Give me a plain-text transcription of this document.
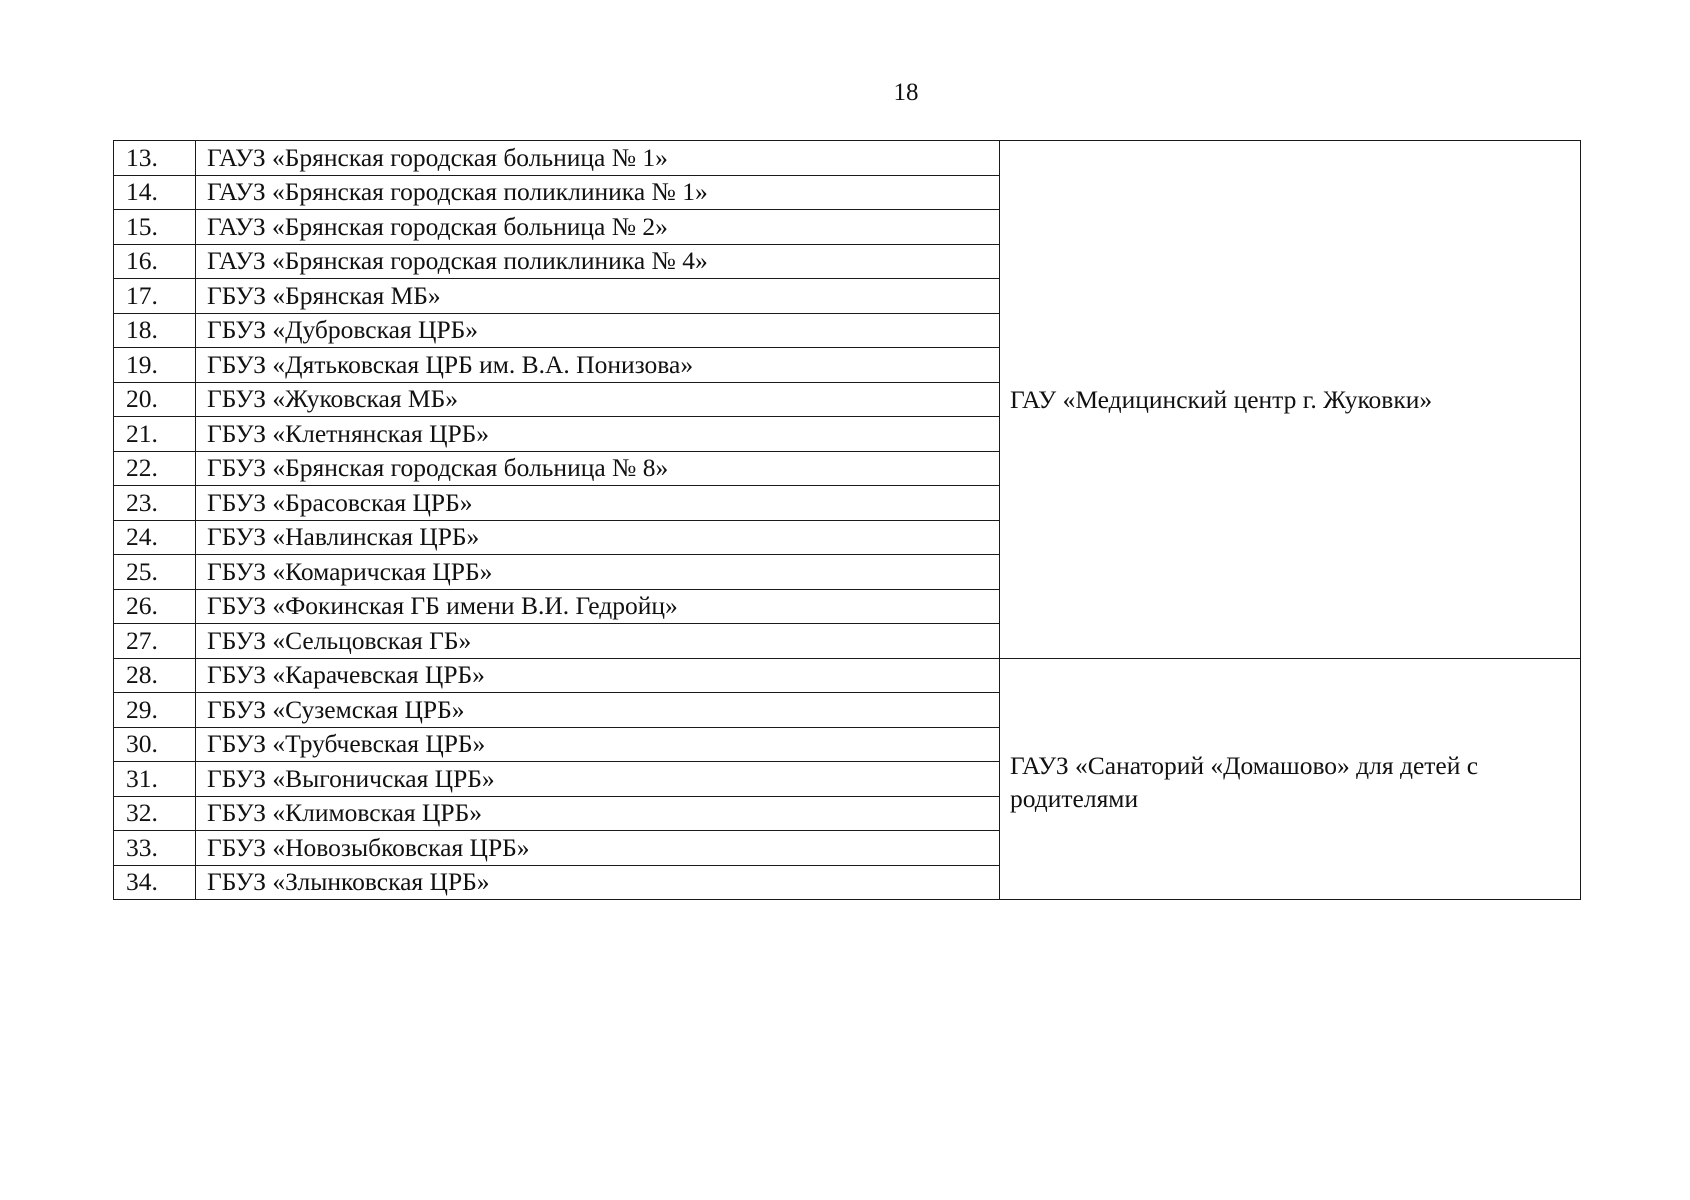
18
13.	ГАУЗ «Брянская городская больница № 1»	ГАУ «Медицинский центр г. Жуковки»
14.	ГАУЗ «Брянская городская поликлиника № 1»	
15.	ГАУЗ «Брянская городская больница № 2»	
16.	ГАУЗ «Брянская городская поликлиника № 4»	
17.	ГБУЗ «Брянская МБ»	
18.	ГБУЗ «Дубровская ЦРБ»	
19.	ГБУЗ «Дятьковская ЦРБ им. В.А. Понизова»	
20.	ГБУЗ «Жуковская МБ»	
21.	ГБУЗ «Клетнянская ЦРБ»	
22.	ГБУЗ «Брянская городская больница № 8»	
23.	ГБУЗ «Брасовская ЦРБ»	
24.	ГБУЗ «Навлинская ЦРБ»	
25.	ГБУЗ «Комаричская ЦРБ»	
26.	ГБУЗ «Фокинская ГБ имени В.И. Гедройц»	
27.	ГБУЗ «Сельцовская ГБ»	
28.	ГБУЗ «Карачевская ЦРБ»	ГАУЗ «Санаторий «Домашово» для детей с родителями
29.	ГБУЗ «Суземская ЦРБ»	
30.	ГБУЗ «Трубчевская ЦРБ»	
31.	ГБУЗ «Выгоничская ЦРБ»	
32.	ГБУЗ «Климовская ЦРБ»	
33.	ГБУЗ «Новозыбковская ЦРБ»	
34.	ГБУЗ «Злынковская ЦРБ»	
